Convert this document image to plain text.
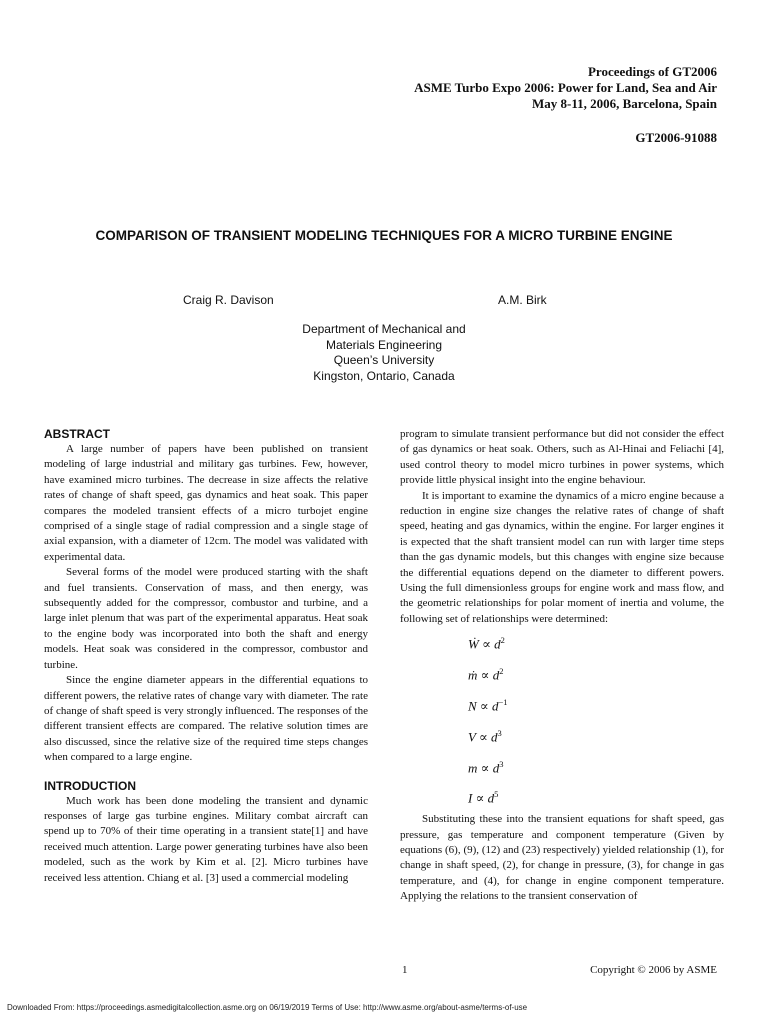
Proceedings of GT2006
ASME Turbo Expo 2006: Power for Land, Sea and Air
May 8-11, 2006, Barcelona, Spain
GT2006-91088
COMPARISON OF TRANSIENT MODELING TECHNIQUES FOR A MICRO TURBINE ENGINE
Craig R. Davison	A.M. Birk
Department of Mechanical and
Materials Engineering
Queen’s University
Kingston, Ontario, Canada
ABSTRACT

A large number of papers have been published on transient modeling of large industrial and military gas turbines. Few, however, have examined micro turbines. The decrease in size affects the relative rates of change of shaft speed, gas dynamics and heat soak. This paper compares the modeled transient effects of a micro turbojet engine comprised of a single stage of radial compression and a single stage of axial expansion, with a diameter of 12cm. The model was validated with experimental data.

Several forms of the model were produced starting with the shaft and fuel transients. Conservation of mass, and then energy, was subsequently added for the compressor, combustor and turbine, and a large inlet plenum that was part of the experimental apparatus. Heat soak to the engine body was incorporated into both the shaft and energy models. Heat soak was considered in the compressor, combustor and turbine.

Since the engine diameter appears in the differential equations to different powers, the relative rates of change vary with diameter. The rate of change of shaft speed is very strongly influenced. The responses of the different transient effects are compared. The relative solution times are also discussed, since the relative size of the required time steps changes when compared to a large engine.

INTRODUCTION

Much work has been done modeling the transient and dynamic responses of large gas turbine engines. Military combat aircraft can spend up to 70% of their time operating in a transient state[1] and have received much attention. Large power generating turbines have also been modeled, such as the work by Kim et al. [2]. Micro turbines have received less attention. Chiang et al. [3] used a commercial modeling

program to simulate transient performance but did not consider the effect of gas dynamics or heat soak. Others, such as Al-Hinai and Feliachi [4], used control theory to model micro turbines in power systems, which provide little physical insight into the engine behaviour.

It is important to examine the dynamics of a micro engine because a reduction in engine size changes the relative rates of change of shaft speed, heating and gas dynamics, within the engine. For larger engines it is expected that the shaft transient model can run with larger time steps than the gas dynamic models, but this changes with engine size because the differential equations depend on the diameter to different powers. Using the full dimensionless groups for engine work and mass flow, and the geometric relationships for polar moment of inertia and volume, the following set of relationships were determined:

Ẇ ∝ $d^2$
ṁ ∝ $d^2$
$N \propto d^{-1}$
$V \propto d^3$
$m \propto d^3$
$I \propto d^5$

Substituting these into the transient equations for shaft speed, gas pressure, gas temperature and component temperature (Given by equations (6), (9), (12) and (23) respectively) yielded relationship (1), for change in shaft speed, (2), for change in pressure, (3), for change in gas temperature, and (4), for change in engine component temperature. Applying the relations to the transient conservation of

1	Copyright © 2006 by ASME
Downloaded From: https://proceedings.asmedigitalcollection.asme.org on 06/19/2019 Terms of Use: http://www.asme.org/about-asme/terms-of-use
